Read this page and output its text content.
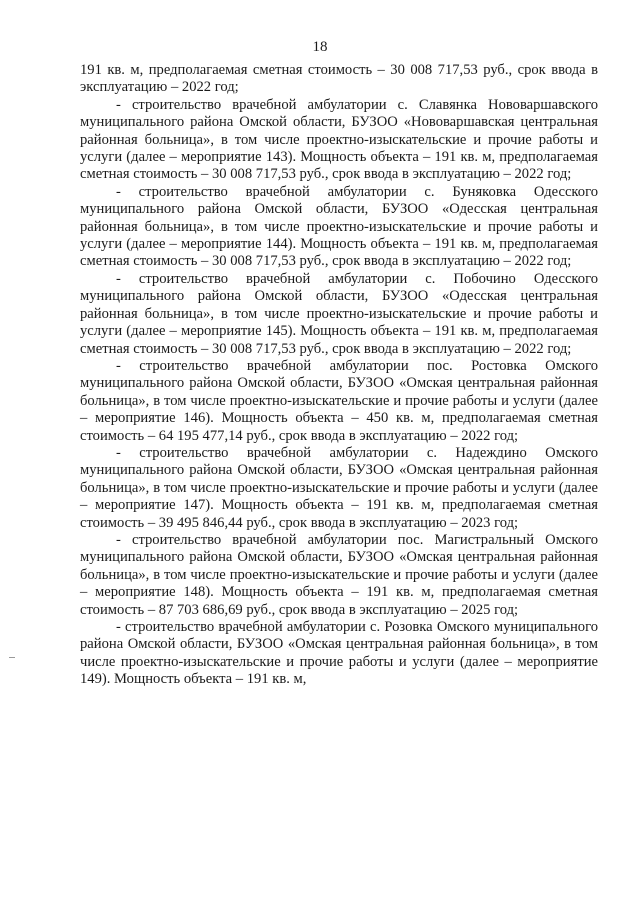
18

191 кв. м, предполагаемая сметная стоимость – 30 008 717,53 руб., срок ввода в эксплуатацию – 2022 год;

- строительство врачебной амбулатории с. Славянка Нововаршавского муниципального района Омской области, БУЗОО «Нововаршавская центральная районная больница», в том числе проектно-изыскательские и прочие работы и услуги (далее – мероприятие 143). Мощность объекта – 191 кв. м, предполагаемая сметная стоимость – 30 008 717,53 руб., срок ввода в эксплуатацию – 2022 год;

- строительство врачебной амбулатории с. Буняковка Одесского муниципального района Омской области, БУЗОО «Одесская центральная районная больница», в том числе проектно-изыскательские и прочие работы и услуги (далее – мероприятие 144). Мощность объекта – 191 кв. м, предполагаемая сметная стоимость – 30 008 717,53 руб., срок ввода в эксплуатацию – 2022 год;

- строительство врачебной амбулатории с. Побочино Одесского муниципального района Омской области, БУЗОО «Одесская центральная районная больница», в том числе проектно-изыскательские и прочие работы и услуги (далее – мероприятие 145). Мощность объекта – 191 кв. м, предполагаемая сметная стоимость – 30 008 717,53 руб., срок ввода в эксплуатацию – 2022 год;

- строительство врачебной амбулатории пос. Ростовка Омского муниципального района Омской области, БУЗОО «Омская центральная районная больница», в том числе проектно-изыскательские и прочие работы и услуги (далее – мероприятие 146). Мощность объекта – 450 кв. м, предполагаемая сметная стоимость – 64 195 477,14 руб., срок ввода в эксплуатацию – 2022 год;

- строительство врачебной амбулатории с. Надеждино Омского муниципального района Омской области, БУЗОО «Омская центральная районная больница», в том числе проектно-изыскательские и прочие работы и услуги (далее – мероприятие 147). Мощность объекта – 191 кв. м, предполагаемая сметная стоимость – 39 495 846,44 руб., срок ввода в эксплуатацию – 2023 год;

- строительство врачебной амбулатории пос. Магистральный Омского муниципального района Омской области, БУЗОО «Омская центральная районная больница», в том числе проектно-изыскательские и прочие работы и услуги (далее – мероприятие 148). Мощность объекта – 191 кв. м, предполагаемая сметная стоимость – 87 703 686,69 руб., срок ввода в эксплуатацию – 2025 год;

- строительство врачебной амбулатории с. Розовка Омского муниципального района Омской области, БУЗОО «Омская центральная районная больница», в том числе проектно-изыскательские и прочие работы и услуги (далее – мероприятие 149). Мощность объекта – 191 кв. м,
